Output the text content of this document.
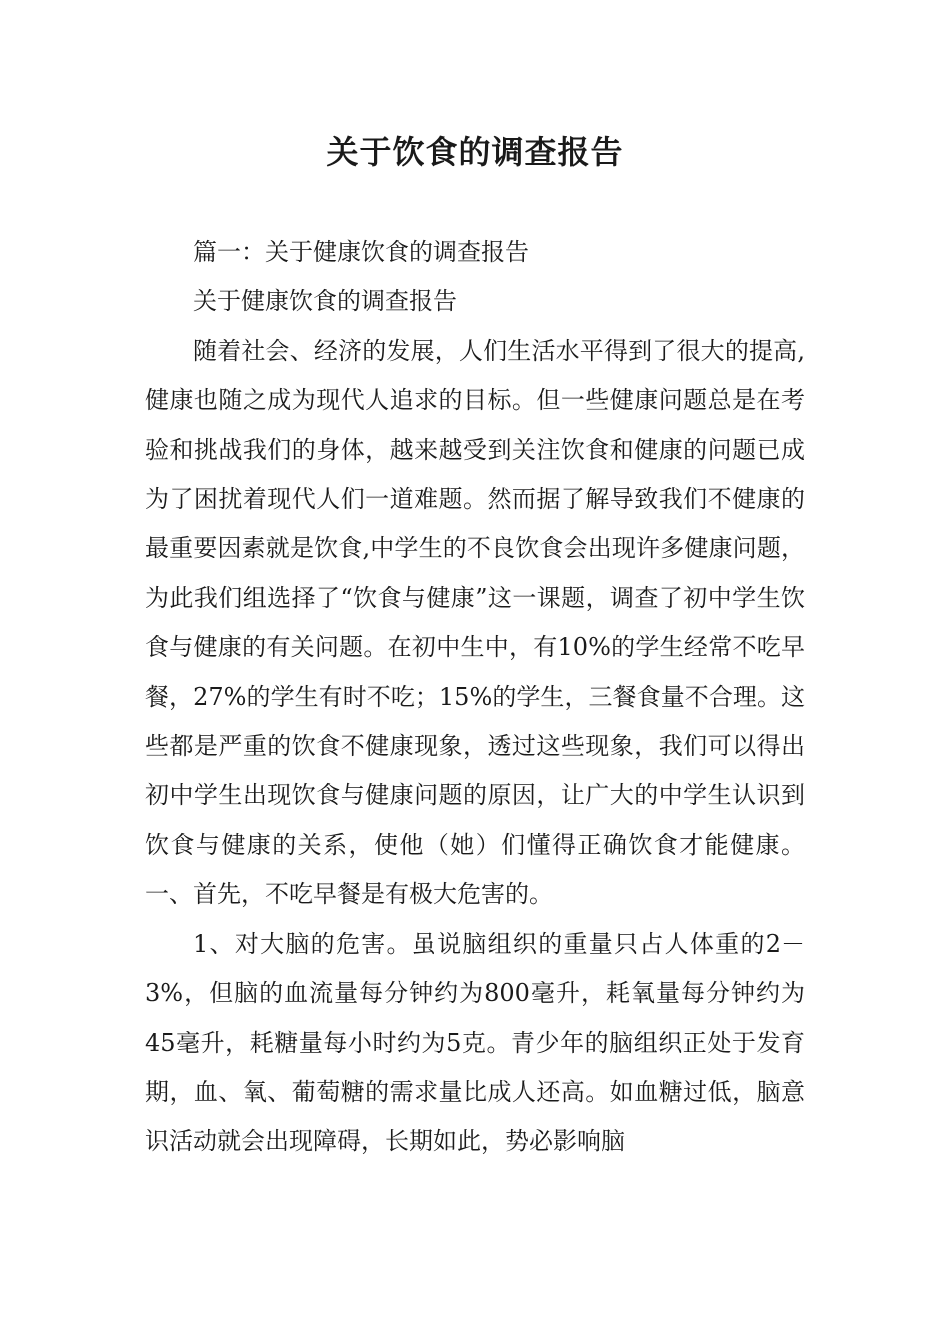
关于饮食的调查报告

篇一：关于健康饮食的调查报告

关于健康饮食的调查报告

随着社会、经济的发展，人们生活水平得到了很大的提高,健康也随之成为现代人追求的目标。但一些健康问题总是在考验和挑战我们的身体，越来越受到关注饮食和健康的问题已成为了困扰着现代人们一道难题。然而据了解导致我们不健康的最重要因素就是饮食,中学生的不良饮食会出现许多健康问题，为此我们组选择了“饮食与健康”这一课题，调查了初中学生饮食与健康的有关问题。在初中生中，有10%的学生经常不吃早餐，27%的学生有时不吃；15%的学生，三餐食量不合理。这些都是严重的饮食不健康现象，透过这些现象，我们可以得出初中学生出现饮食与健康问题的原因，让广大的中学生认识到饮食与健康的关系，使他（她）们懂得正确饮食才能健康。 一、首先，不吃早餐是有极大危害的。

1、对大脑的危害。虽说脑组织的重量只占人体重的2－3%，但脑的血流量每分钟约为800毫升，耗氧量每分钟约为45毫升，耗糖量每小时约为5克。青少年的脑组织正处于发育期，血、氧、葡萄糖的需求量比成人还高。如血糖过低，脑意识活动就会出现障碍，长期如此，势必影响脑
